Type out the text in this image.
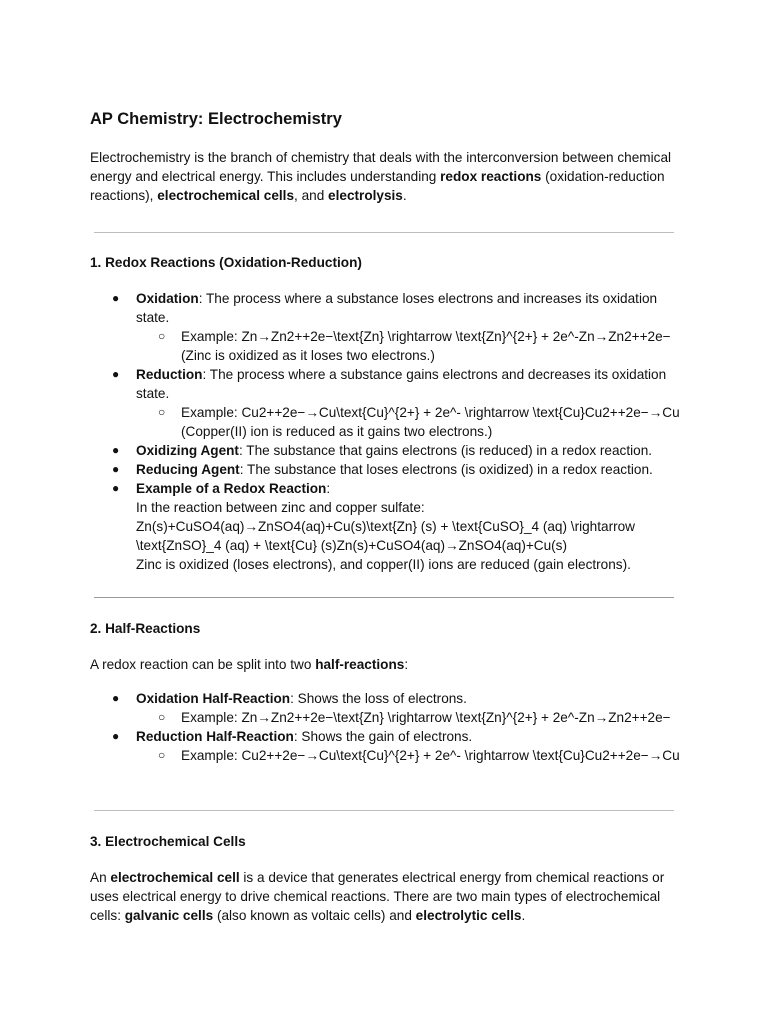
AP Chemistry: Electrochemistry

Electrochemistry is the branch of chemistry that deals with the interconversion between chemical energy and electrical energy. This includes understanding redox reactions (oxidation-reduction reactions), electrochemical cells, and electrolysis.

1. Redox Reactions (Oxidation-Reduction)
● Oxidation: The process where a substance loses electrons and increases its oxidation state.
○ Example: Zn→Zn2++2e−\text{Zn} \rightarrow \text{Zn}^{2+} + 2e^-Zn→Zn2++2e−
(Zinc is oxidized as it loses two electrons.)
● Reduction: The process where a substance gains electrons and decreases its oxidation state.
○ Example: Cu2++2e−→Cu\text{Cu}^{2+} + 2e^- \rightarrow \text{Cu}Cu2++2e−→Cu (Copper(II) ion is reduced as it gains two electrons.)
● Oxidizing Agent: The substance that gains electrons (is reduced) in a redox reaction.
● Reducing Agent: The substance that loses electrons (is oxidized) in a redox reaction.
● Example of a Redox Reaction:
In the reaction between zinc and copper sulfate:
Zn(s)+CuSO4(aq)→ZnSO4(aq)+Cu(s)\text{Zn} (s) + \text{CuSO}_4 (aq) \rightarrow \text{ZnSO}_4 (aq) + \text{Cu} (s)Zn(s)+CuSO4(aq)→ZnSO4(aq)+Cu(s)
Zinc is oxidized (loses electrons), and copper(II) ions are reduced (gain electrons).
2. Half-Reactions

A redox reaction can be split into two half-reactions:

● Oxidation Half-Reaction: Shows the loss of electrons.
○ Example: Zn→Zn2++2e−\text{Zn} \rightarrow \text{Zn}^{2+} + 2e^-Zn→Zn2++2e−
● Reduction Half-Reaction: Shows the gain of electrons.
○ Example: Cu2++2e−→Cu\text{Cu}^{2+} + 2e^- \rightarrow \text{Cu}Cu2++2e−→Cu
3. Electrochemical Cells

An electrochemical cell is a device that generates electrical energy from chemical reactions or uses electrical energy to drive chemical reactions. There are two main types of electrochemical cells: galvanic cells (also known as voltaic cells) and electrolytic cells.
